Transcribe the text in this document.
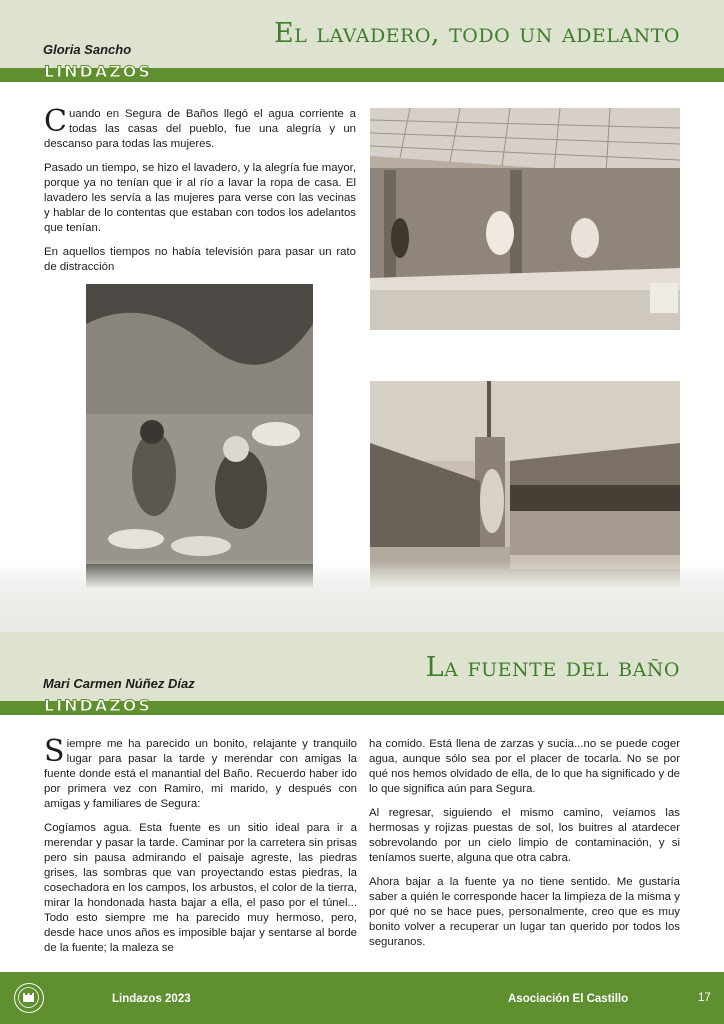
Gloria Sancho
El lavadero, todo un adelanto
LINDAZOS

Cuando en Segura de Baños llegó el agua corriente a todas las casas del pueblo, fue una alegría y un descanso para todas las mujeres.

Pasado un tiempo, se hizo el lavadero, y la alegría fue mayor, porque ya no tenían que ir al río a lavar la ropa de casa. El lavadero les servía a las mujeres para verse con las vecinas y hablar de lo contentas que estaban con todos los adelantos que tenían.

En aquellos tiempos no había televisión para pasar un rato de distracción

Mari Carmen Núñez Díaz
La fuente del baño
LINDAZOS

Siempre me ha parecido un bonito, relajante y tranquilo lugar para pasar la tarde y merendar con amigas la fuente donde está el manantial del Baño. Recuerdo haber ido por primera vez con Ramiro, mi marido, y después con amigas y familiares de Segura:

Cogíamos agua. Esta fuente es un sitio ideal para ir a merendar y pasar la tarde. Caminar por la carretera sin prisas pero sin pausa admirando el paisaje agreste, las piedras grises, las sombras que van proyectando estas piedras, la cosechadora en los campos, los arbustos, el color de la tierra, mirar la hondonada hasta bajar a ella, el paso por el túnel... Todo esto siempre me ha parecido muy hermoso, pero, desde hace unos años es imposible bajar y sentarse al borde de la fuente; la maleza se

ha comido. Está llena de zarzas y sucia...no se puede coger agua, aunque sólo sea por el placer de tocarla. No se por qué nos hemos olvidado de ella, de lo que ha significado y de lo que significa aún para Segura.

Al regresar, siguiendo el mismo camino, veíamos las hermosas y rojizas puestas de sol, los buitres al atardecer sobrevolando por un cielo limpio de contaminación, y si teníamos suerte, alguna que otra cabra.

Ahora bajar a la fuente ya no tiene sentido. Me gustaría saber a quién le corresponde hacer la limpieza de la misma y por qué no se hace pues, personalmente, creo que es muy bonito volver a recuperar un lugar tan querido por todos los seguranos.

Lindazos 2023	Asociación El Castillo	17
